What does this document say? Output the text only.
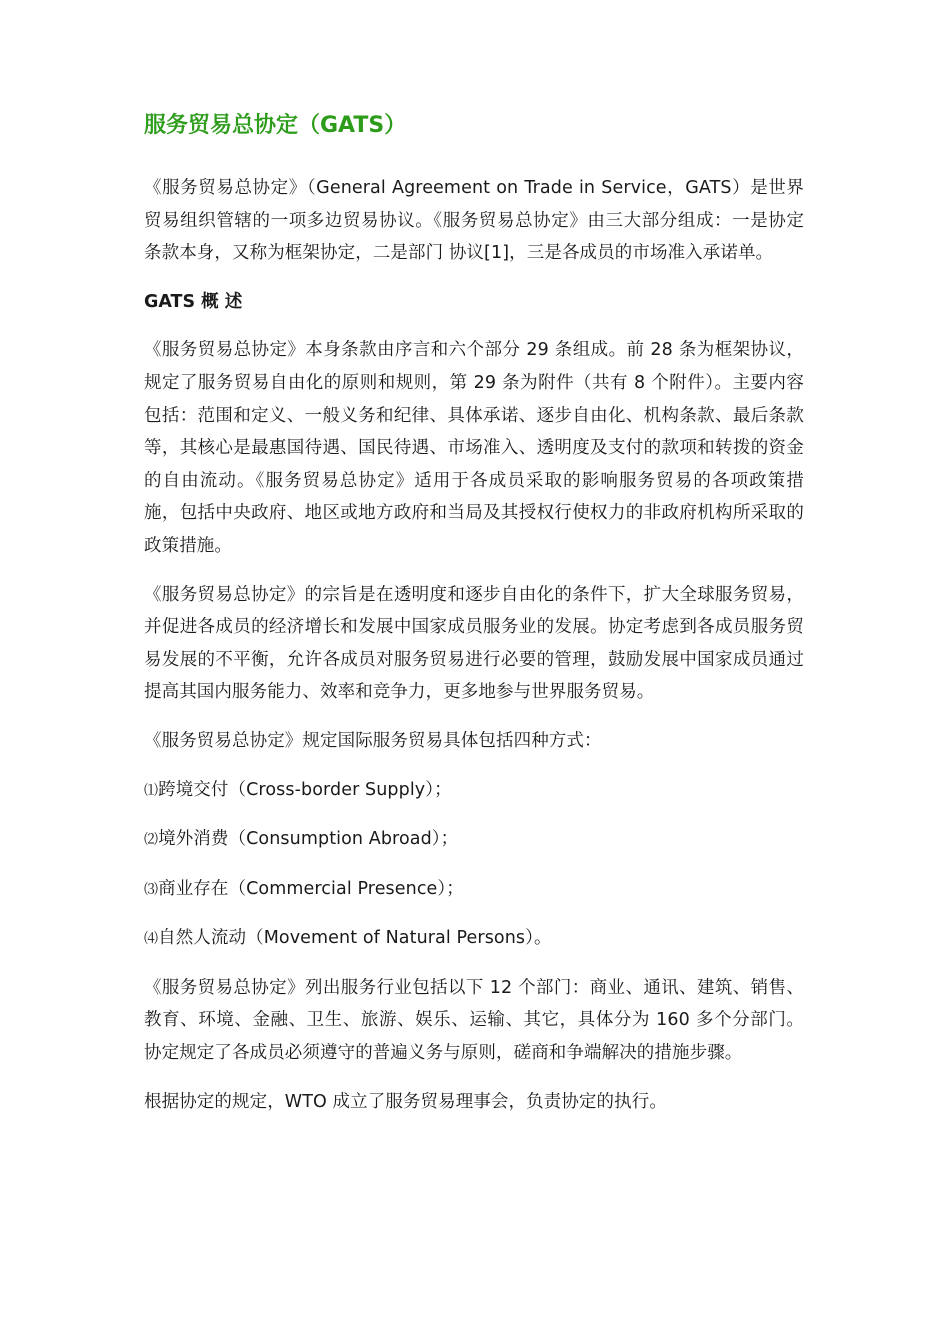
服务贸易总协定（GATS）

《服务贸易总协定》（General Agreement on Trade in Service，GATS）是世界贸易组织管辖的一项多边贸易协议。《服务贸易总协定》由三大部分组成：一是协定条款本身，又称为框架协定，二是部门 协议[1]，三是各成员的市场准入承诺单。

GATS 概 述

《服务贸易总协定》本身条款由序言和六个部分 29 条组成。前 28 条为框架协议，规定了服务贸易自由化的原则和规则，第 29 条为附件（共有 8 个附件）。主要内容包括：范围和定义、一般义务和纪律、具体承诺、逐步自由化、机构条款、最后条款等，其核心是最惠国待遇、国民待遇、市场准入、透明度及支付的款项和转拨的资金的自由流动。《服务贸易总协定》适用于各成员采取的影响服务贸易的各项政策措施，包括中央政府、地区或地方政府和当局及其授权行使权力的非政府机构所采取的政策措施。

《服务贸易总协定》的宗旨是在透明度和逐步自由化的条件下，扩大全球服务贸易，并促进各成员的经济增长和发展中国家成员服务业的发展。协定考虑到各成员服务贸易发展的不平衡，允许各成员对服务贸易进行必要的管理，鼓励发展中国家成员通过提高其国内服务能力、效率和竞争力，更多地参与世界服务贸易。

《服务贸易总协定》规定国际服务贸易具体包括四种方式：

⑴跨境交付（Cross-border Supply）；

⑵境外消费（Consumption Abroad）；

⑶商业存在（Commercial Presence）；

⑷自然人流动（Movement of Natural Persons）。

《服务贸易总协定》列出服务行业包括以下 12 个部门：商业、通讯、建筑、销售、教育、环境、金融、卫生、旅游、娱乐、运输、其它，具体分为 160 多个分部门。协定规定了各成员必须遵守的普遍义务与原则，磋商和争端解决的措施步骤。

根据协定的规定，WTO 成立了服务贸易理事会，负责协定的执行。
